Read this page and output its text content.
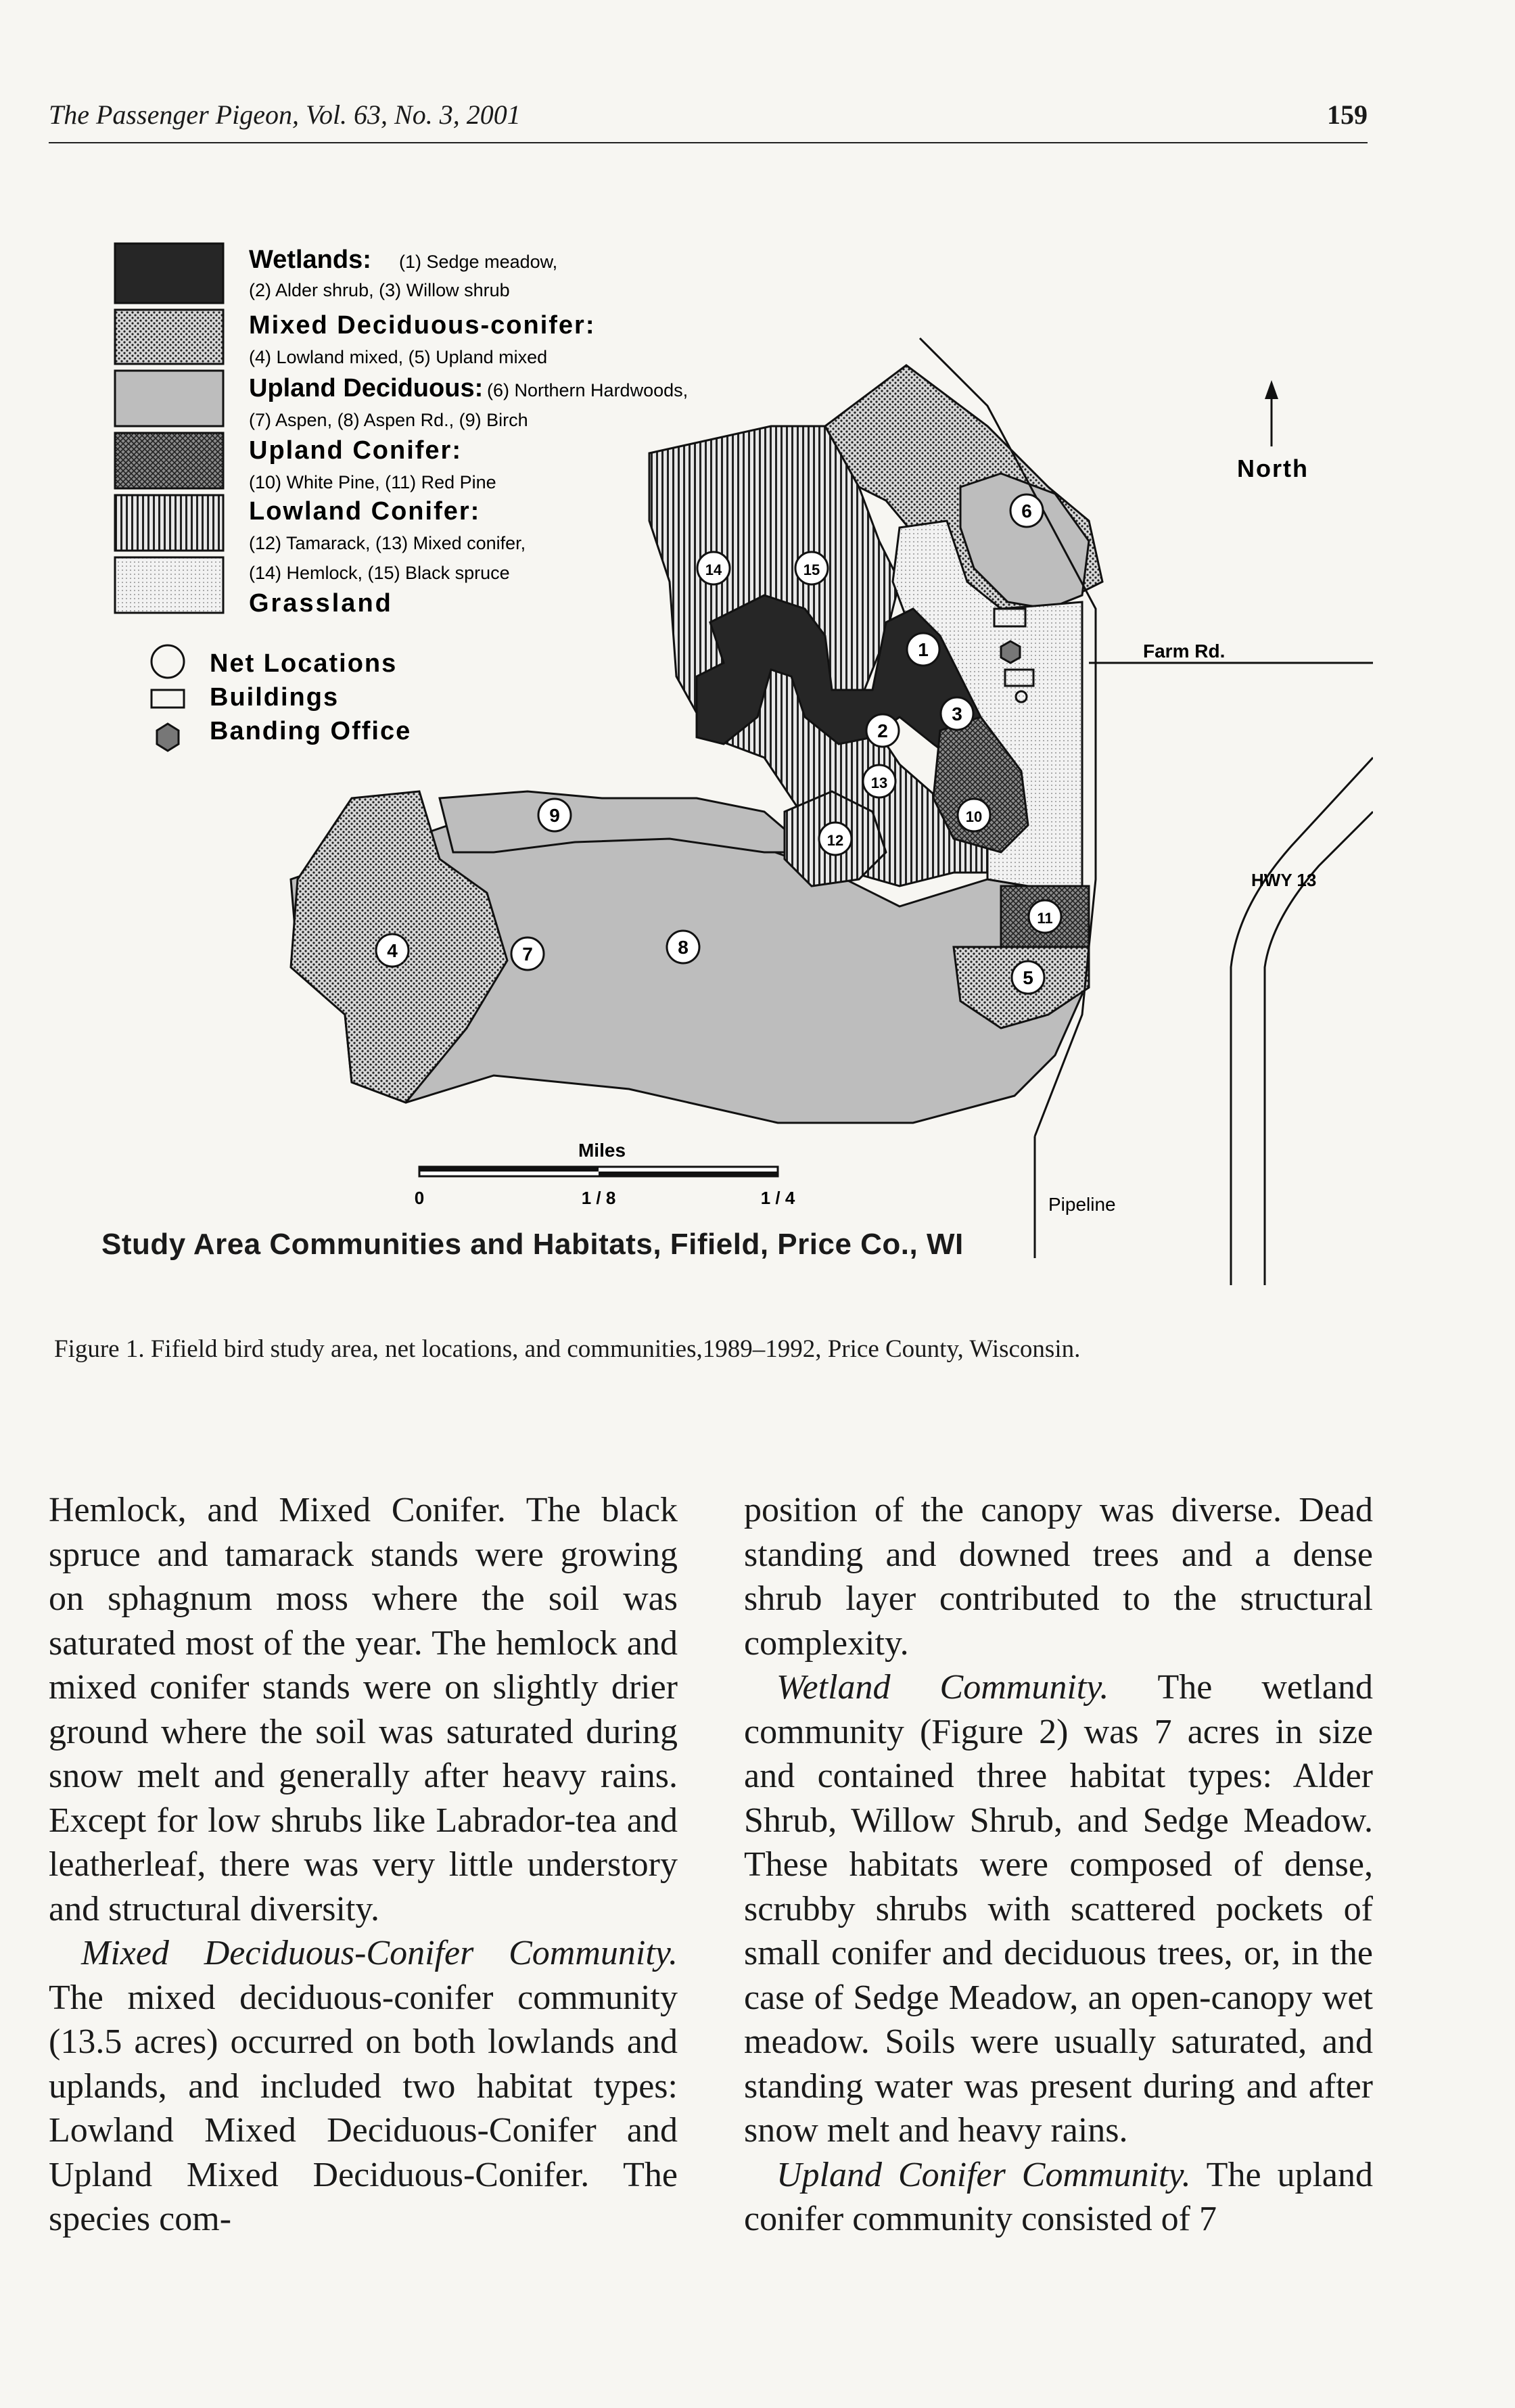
The Passenger Pigeon, Vol. 63, No. 3, 2001	159
Wetlands: (1) Sedge meadow,
(2) Alder shrub, (3) Willow shrub
Mixed Deciduous-conifer:
(4) Lowland mixed, (5) Upland mixed
Upland Deciduous: (6) Northern Hardwoods,
(7) Aspen, (8) Aspen Rd., (9) Birch
Upland Conifer:
(10) White Pine, (11) Red Pine
Lowland Conifer:
(12) Tamarack, (13) Mixed conifer,
(14) Hemlock, (15) Black spruce
Grassland
Net Locations
Buildings
Banding Office
North
Farm Rd.
HWY 13
Pipeline
Miles
0	1 / 8	1 / 4
1
2
3
4
5
6
7	8
9	10
11
12
13
14	15
Study Area Communities and Habitats, Fifield, Price Co., WI
Figure 1. Fifield bird study area, net locations, and communities,1989–1992, Price County, Wisconsin.

Hemlock, and Mixed Conifer. The black spruce and tamarack stands were growing on sphagnum moss where the soil was saturated most of the year. The hemlock and mixed conifer stands were on slightly drier ground where the soil was saturated during snow melt and generally after heavy rains. Except for low shrubs like Labrador-tea and leatherleaf, there was very little understory and structural diversity.

Mixed Deciduous-Conifer Community. The mixed deciduous-conifer community (13.5 acres) occurred on both lowlands and uplands, and included two habitat types: Lowland Mixed Deciduous-Conifer and Upland Mixed Deciduous-Conifer. The species com-

position of the canopy was diverse. Dead standing and downed trees and a dense shrub layer contributed to the structural complexity.

Wetland Community. The wetland community (Figure 2) was 7 acres in size and contained three habitat types: Alder Shrub, Willow Shrub, and Sedge Meadow. These habitats were composed of dense, scrubby shrubs with scattered pockets of small conifer and deciduous trees, or, in the case of Sedge Meadow, an open-canopy wet meadow. Soils were usually saturated, and standing water was present during and after snow melt and heavy rains.

Upland Conifer Community. The upland conifer community consisted of 7
